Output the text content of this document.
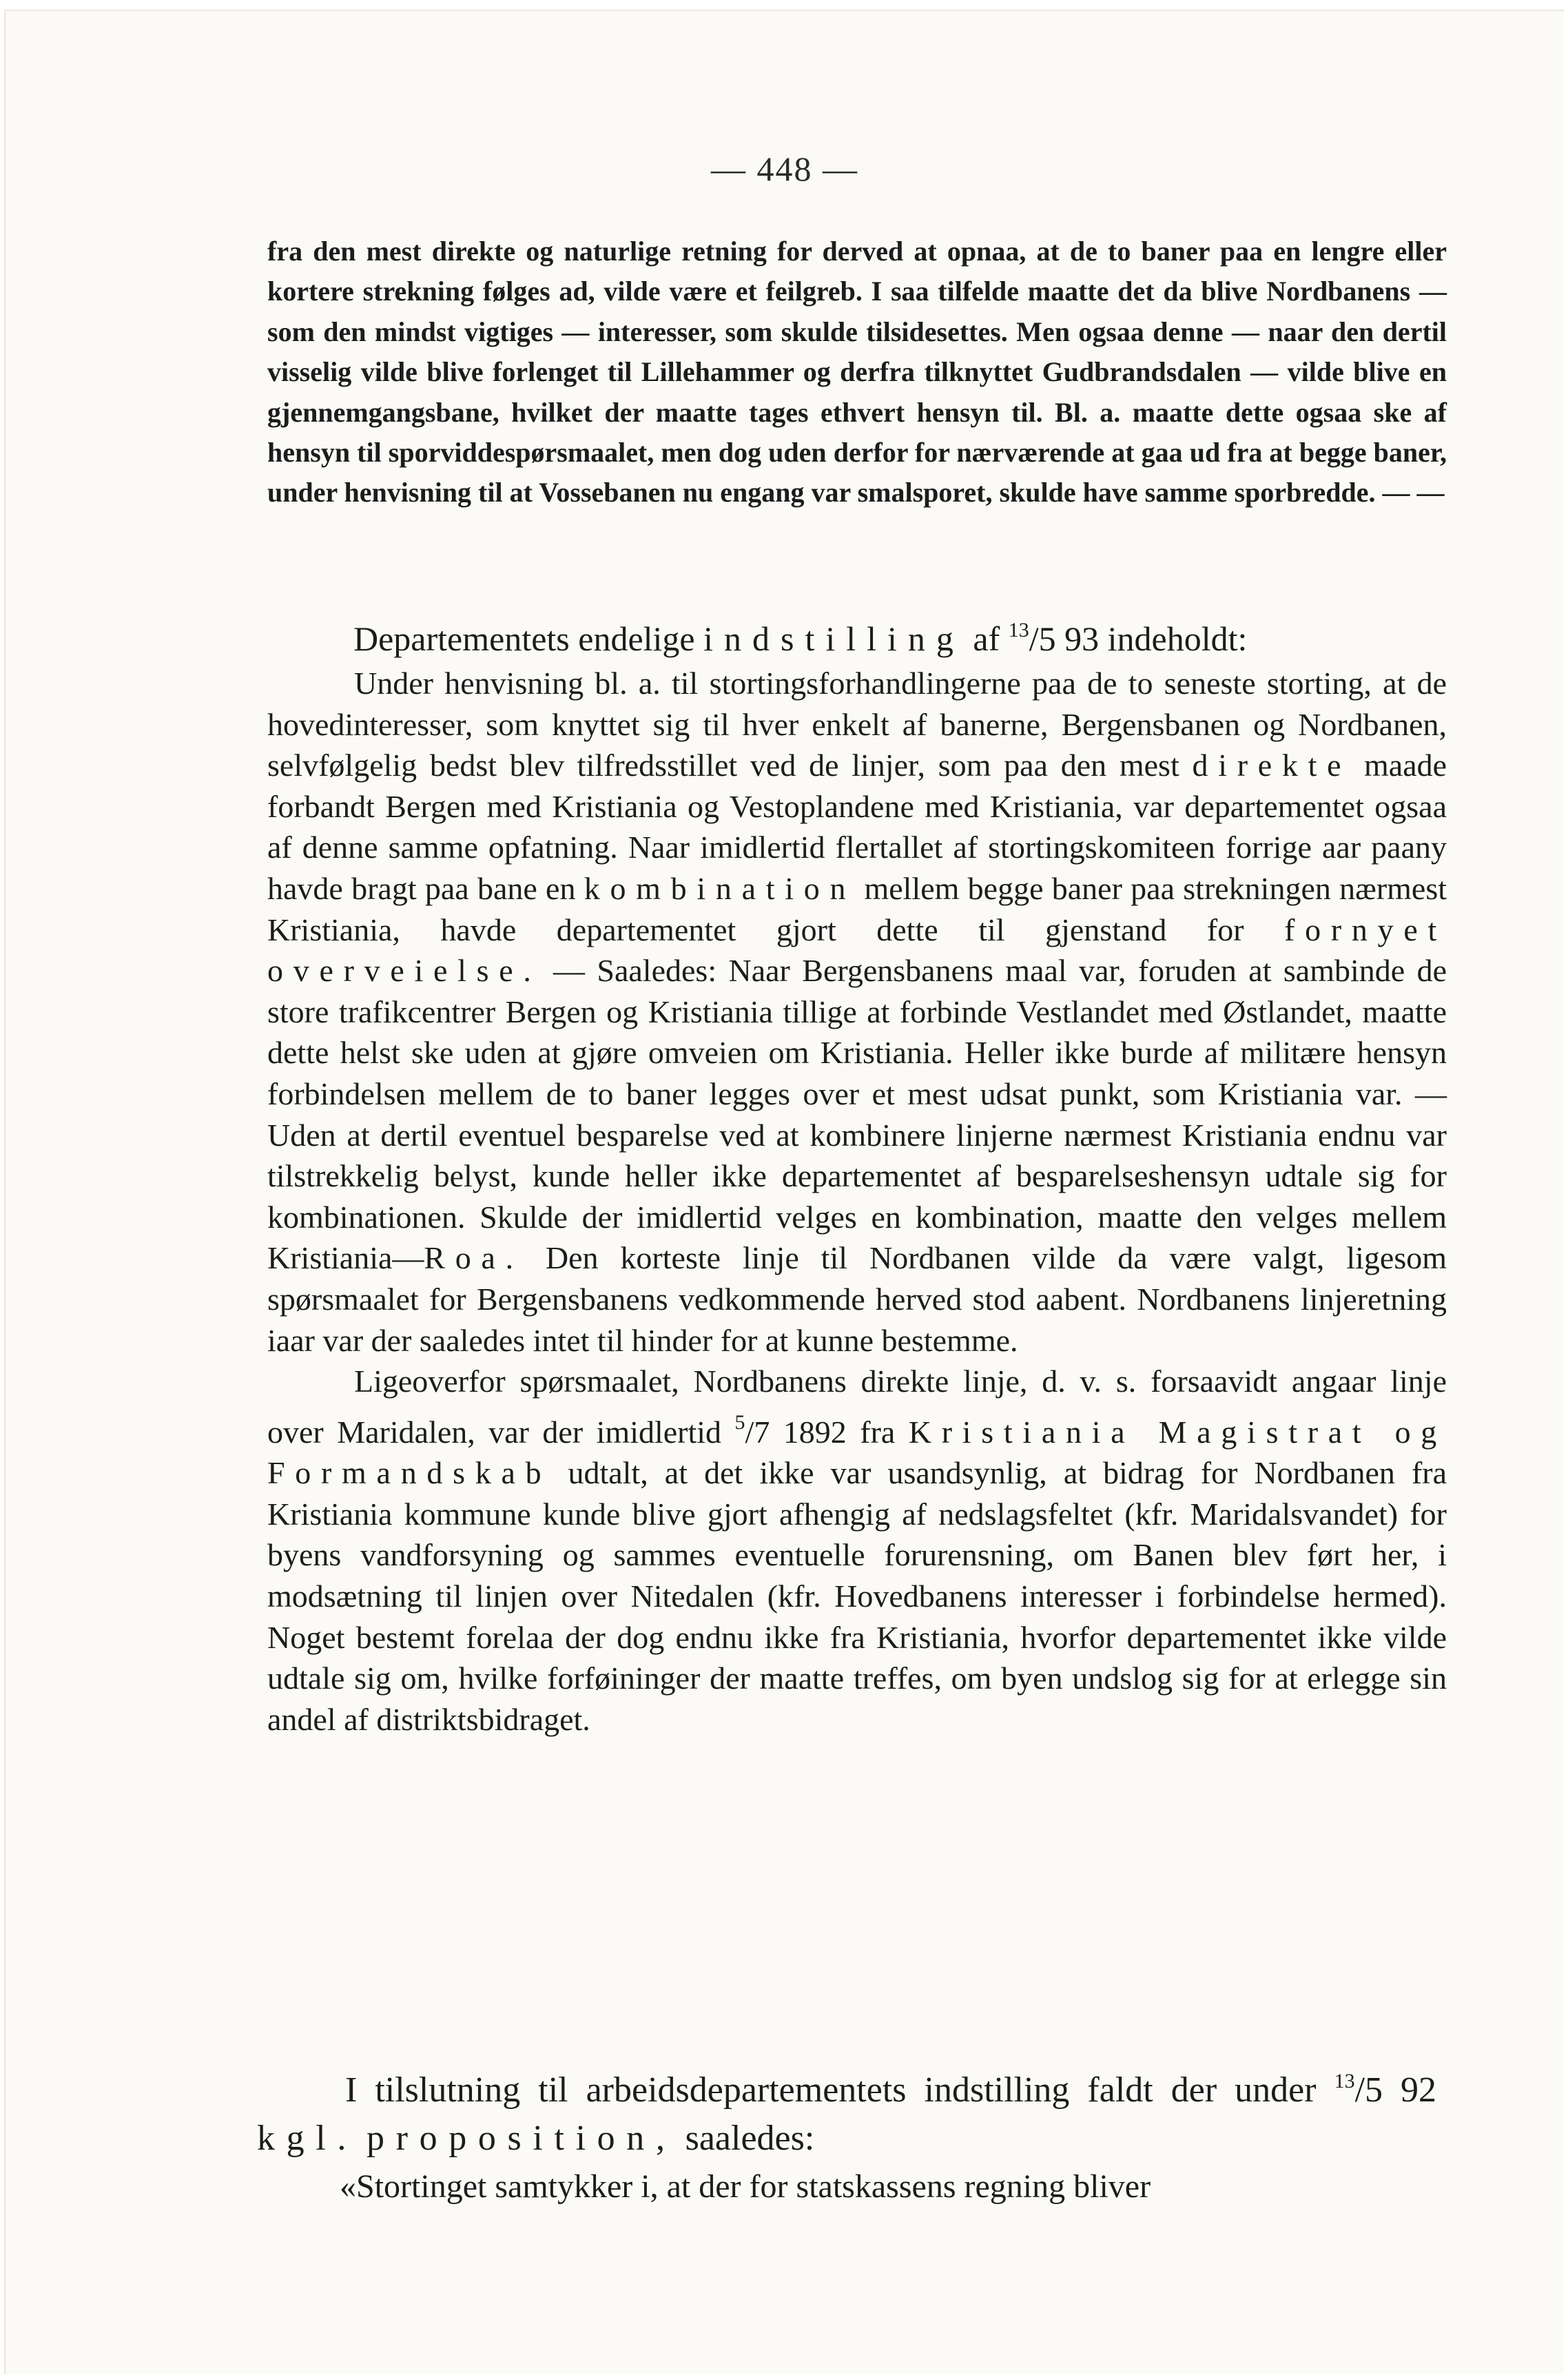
— 448 —

fra den mest direkte og naturlige retning for derved at opnaa, at de to baner paa en lengre eller kortere strekning følges ad, vilde være et feilgreb. I saa tilfelde maatte det da blive Nordbanens — som den mindst vigtiges — interesser, som skulde tilsidesettes. Men ogsaa denne — naar den dertil visselig vilde blive forlenget til Lillehammer og derfra tilknyttet Gudbrandsdalen — vilde blive en gjennemgangsbane, hvilket der maatte tages ethvert hensyn til. Bl. a. maatte dette ogsaa ske af hensyn til sporviddespørsmaalet, men dog uden derfor for nærværende at gaa ud fra at begge baner, under henvisning til at Vossebanen nu engang var smalsporet, skulde have samme sporbredde. — —

Departementets endelige indstilling af $^{13}$/5 93 indeholdt:

Under henvisning bl. a. til stortingsforhandlingerne paa de to seneste storting, at de hovedinteresser, som knyttet sig til hver enkelt af banerne, Bergensbanen og Nordbanen, selvfølgelig bedst blev tilfredsstillet ved de linjer, som paa den mest direkte maade forbandt Bergen med Kristiania og Vestoplandene med Kristiania, var departementet ogsaa af denne samme opfatning. Naar imidlertid flertallet af stortingskomiteen forrige aar paany havde bragt paa bane en kombination mellem begge baner paa strekningen nærmest Kristiania, havde departementet gjort dette til gjenstand for fornyet overveielse. — Saaledes: Naar Bergensbanens maal var, foruden at sambinde de store trafikcentrer Bergen og Kristiania tillige at forbinde Vestlandet med Østlandet, maatte dette helst ske uden at gjøre omveien om Kristiania. Heller ikke burde af militære hensyn forbindelsen mellem de to baner legges over et mest udsat punkt, som Kristiania var. — Uden at dertil eventuel besparelse ved at kombinere linjerne nærmest Kristiania endnu var tilstrekkelig belyst, kunde heller ikke departementet af besparelseshensyn udtale sig for kombinationen. Skulde der imidlertid velges en kombination, maatte den velges mellem Kristiania—Roa. Den korteste linje til Nordbanen vilde da være valgt, ligesom spørsmaalet for Bergensbanens vedkommende herved stod aabent. Nordbanens linjeretning iaar var der saaledes intet til hinder for at kunne bestemme.

Ligeoverfor spørsmaalet, Nordbanens direkte linje, d. v. s. forsaavidt angaar linje over Maridalen, var der imidlertid $^5$/7 1892 fra Kristiania Magistrat og Formandskab udtalt, at det ikke var usandsynlig, at bidrag for Nordbanen fra Kristiania kommune kunde blive gjort afhengig af nedslagsfeltet (kfr. Maridalsvandet) for byens vandforsyning og sammes eventuelle forurensning, om Banen blev ført her, i modsætning til linjen over Nitedalen (kfr. Hovedbanens interesser i forbindelse hermed). Noget bestemt forelaa der dog endnu ikke fra Kristiania, hvorfor departementet ikke vilde udtale sig om, hvilke forføininger der maatte treffes, om byen undslog sig for at erlegge sin andel af distriktsbidraget.

I tilslutning til arbeidsdepartementets indstilling faldt der under $^{13}$/5 92 kgl. proposition, saaledes:

«Stortinget samtykker i, at der for statskassens regning bliver
